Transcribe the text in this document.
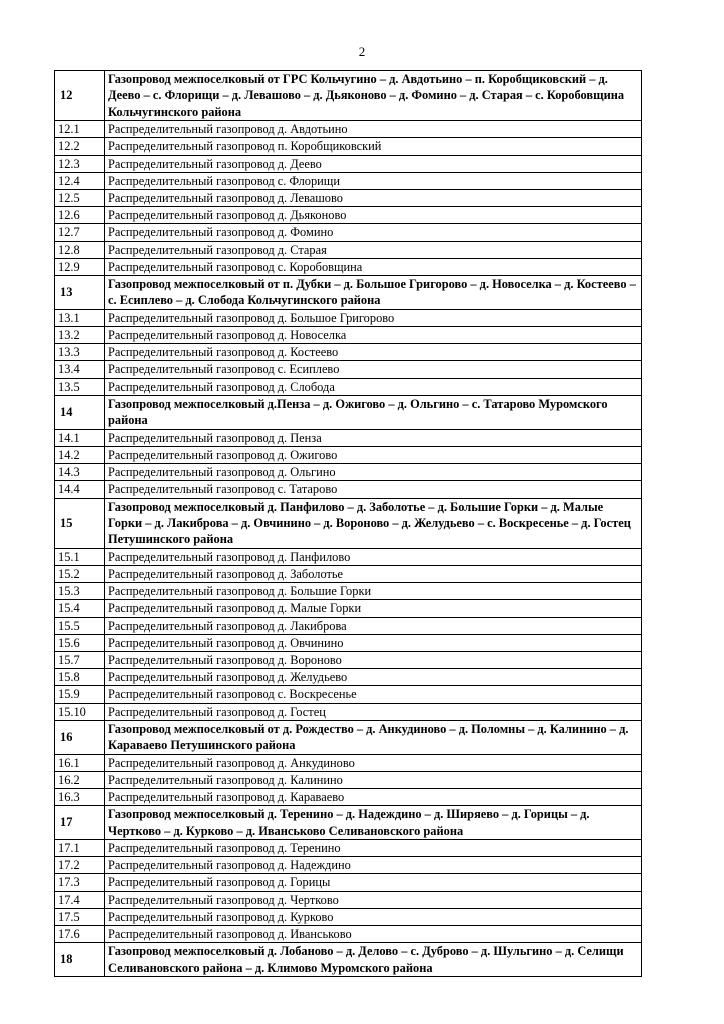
2
12	Газопровод межпоселковый от ГРС Кольчугино – д. Авдотьино – п. Коробщиковский – д. Деево – с. Флорищи – д. Левашово – д. Дьяконово – д. Фомино – д. Старая – с. Коробовщина Кольчугинского района
12.1	Распределительный газопровод д. Авдотьино
12.2	Распределительный газопровод п. Коробщиковский
12.3	Распределительный газопровод д. Деево
12.4	Распределительный газопровод с. Флорищи
12.5	Распределительный газопровод д. Левашово
12.6	Распределительный газопровод д. Дьяконово
12.7	Распределительный газопровод д. Фомино
12.8	Распределительный газопровод д. Старая
12.9	Распределительный газопровод с. Коробовщина
13	Газопровод межпоселковый от п. Дубки – д. Большое Григорово – д. Новоселка – д. Костеево – с. Есиплево – д. Слобода Кольчугинского района
13.1	Распределительный газопровод д. Большое Григорово
13.2	Распределительный газопровод д. Новоселка
13.3	Распределительный газопровод д. Костеево
13.4	Распределительный газопровод с. Есиплево
13.5	Распределительный газопровод д. Слобода
14	Газопровод межпоселковый д.Пенза – д. Ожигово – д. Ольгино – с. Татарово Муромского района
14.1	Распределительный газопровод д. Пенза
14.2	Распределительный газопровод д. Ожигово
14.3	Распределительный газопровод д. Ольгино
14.4	Распределительный газопровод с. Татарово
15	Газопровод межпоселковый д. Панфилово – д. Заболотье – д. Большие Горки – д. Малые Горки – д. Лакиброва – д. Овчинино – д. Вороново – д. Желудьево – с. Воскресенье – д. Гостец Петушинского района
15.1	Распределительный газопровод д. Панфилово
15.2	Распределительный газопровод д. Заболотье
15.3	Распределительный газопровод д. Большие Горки
15.4	Распределительный газопровод д. Малые Горки
15.5	Распределительный газопровод д. Лакиброва
15.6	Распределительный газопровод д. Овчинино
15.7	Распределительный газопровод д. Вороново
15.8	Распределительный газопровод д. Желудьево
15.9	Распределительный газопровод с. Воскресенье
15.10	Распределительный газопровод д. Гостец
16	Газопровод межпоселковый от д. Рождество – д. Анкудиново – д. Поломны – д. Калинино – д. Караваево Петушинского района
16.1	Распределительный газопровод д. Анкудиново
16.2	Распределительный газопровод д. Калинино
16.3	Распределительный газопровод д. Караваево
17	Газопровод межпоселковый д. Теренино – д. Надеждино – д. Ширяево – д. Горицы – д. Чертково – д. Курково – д. Иванськово Селивановского района
17.1	Распределительный газопровод д. Теренино
17.2	Распределительный газопровод д. Надеждино
17.3	Распределительный газопровод д. Горицы
17.4	Распределительный газопровод д. Чертково
17.5	Распределительный газопровод д. Курково
17.6	Распределительный газопровод д. Иванськово
18	Газопровод межпоселковый д. Лобаново – д. Делово – с. Дуброво – д. Шульгино – д. Селищи Селивановского района – д. Климово Муромского района
